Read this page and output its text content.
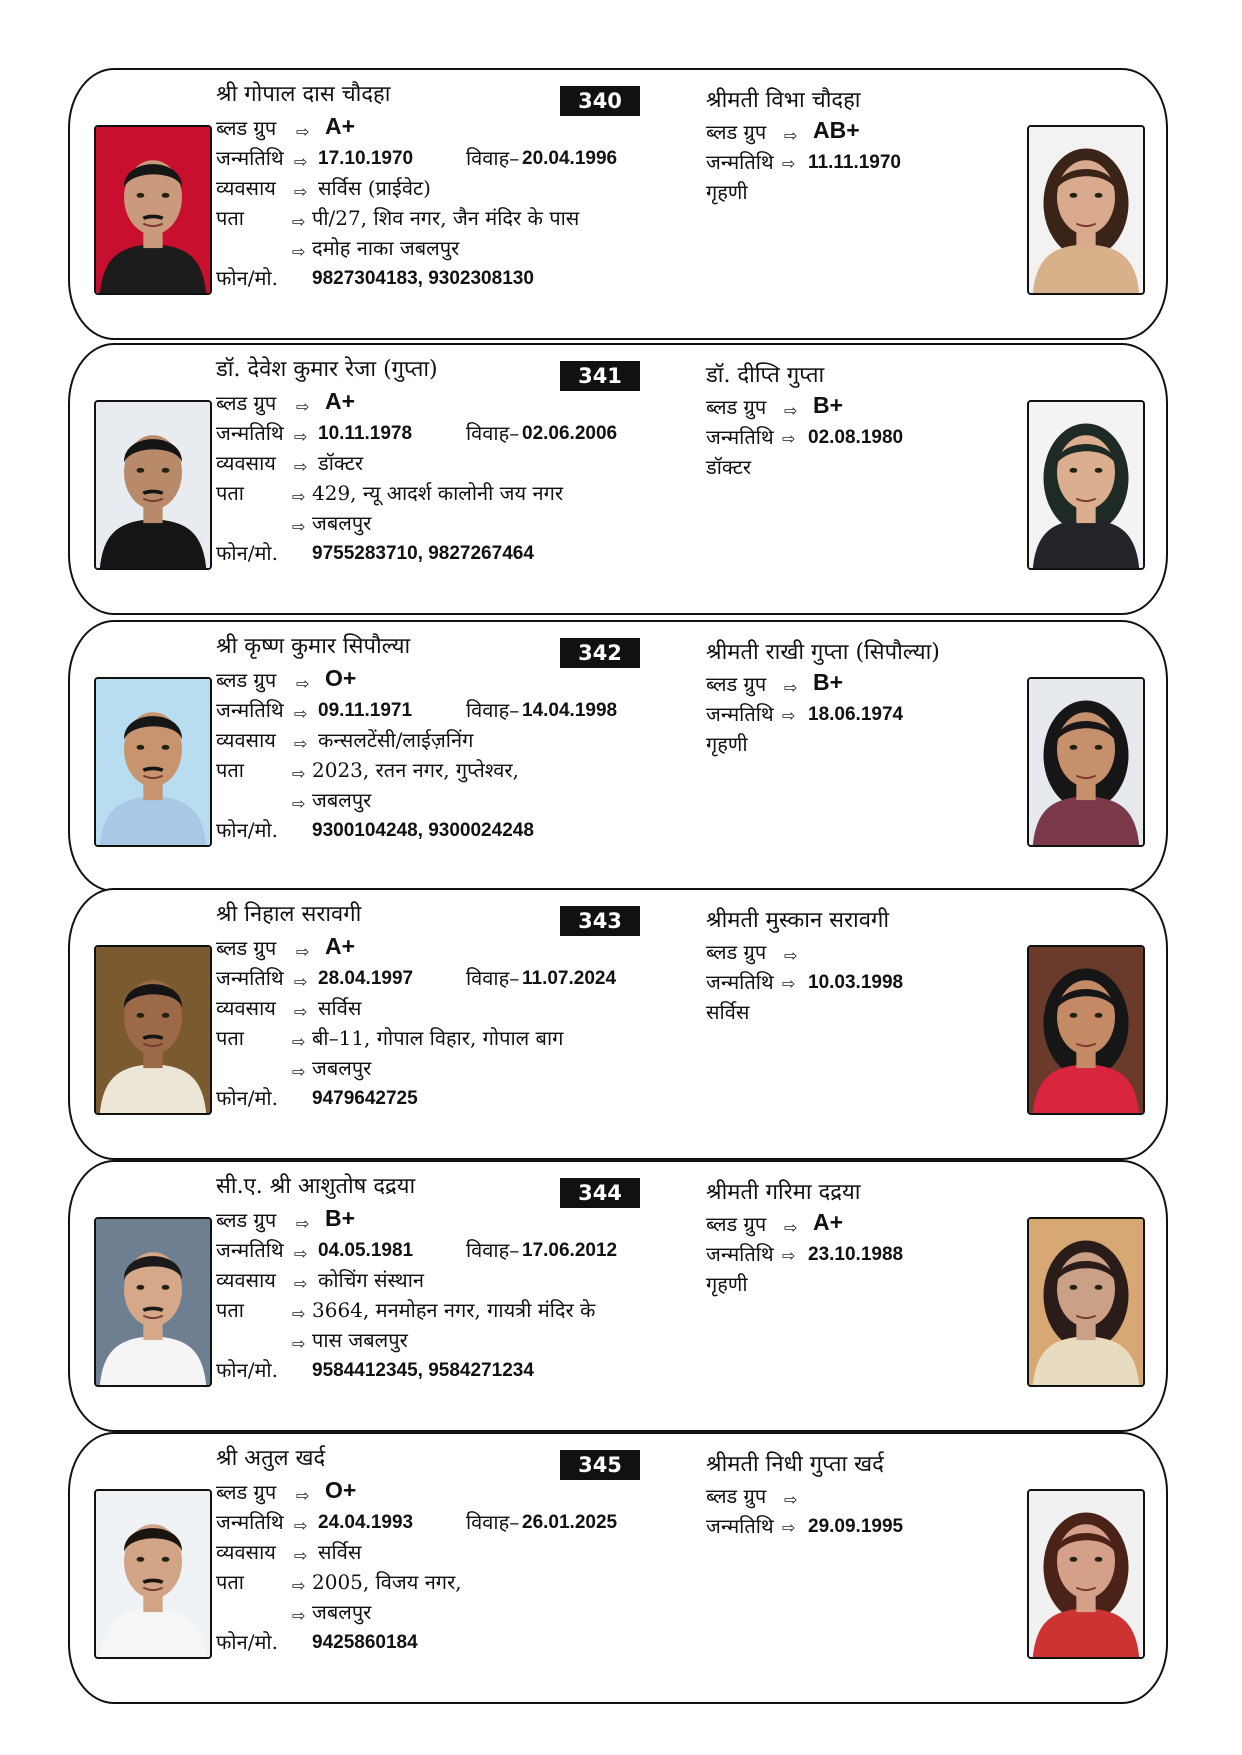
340
श्री गोपाल दास चौदहा
ब्लड ग्रुप ⇨ A+
जन्मतिथि ⇨ 17.10.1970	विवाह– 20.04.1996
व्यवसाय ⇨ सर्विस (प्राईवेट)
पता	⇨ पी/27, शिव नगर, जैन मंदिर के पास
⇨ दमोह नाका जबलपुर
फोन/मो. 9827304183, 9302308130
श्रीमती विभा चौदहा
ब्लड ग्रुप ⇨ AB+
जन्मतिथि ⇨ 11.11.1970
गृहणी
341
डॉ. देवेश कुमार रेजा (गुप्ता)
ब्लड ग्रुप ⇨ A+
जन्मतिथि ⇨ 10.11.1978	विवाह– 02.06.2006
व्यवसाय ⇨ डॉक्टर
पता	⇨ 429, न्यू आदर्श कालोनी जय नगर
⇨ जबलपुर
फोन/मो. 9755283710, 9827267464
डॉ. दीप्ति गुप्ता
ब्लड ग्रुप ⇨ B+
जन्मतिथि ⇨ 02.08.1980
डॉक्टर
342
श्री कृष्ण कुमार सिपौल्या
ब्लड ग्रुप ⇨ O+
जन्मतिथि ⇨ 09.11.1971	विवाह– 14.04.1998
व्यवसाय ⇨ कन्सलटेंसी/लाईज़निंग
पता	⇨ 2023, रतन नगर, गुप्तेश्वर,
⇨ जबलपुर
फोन/मो. 9300104248, 9300024248
श्रीमती राखी गुप्ता (सिपौल्या)
ब्लड ग्रुप ⇨ B+
जन्मतिथि ⇨ 18.06.1974
गृहणी
343
श्री निहाल सरावगी
ब्लड ग्रुप ⇨ A+
जन्मतिथि ⇨ 28.04.1997	विवाह– 11.07.2024
व्यवसाय ⇨ सर्विस
पता	⇨ बी–11, गोपाल विहार, गोपाल बाग
⇨ जबलपुर
फोन/मो. 9479642725
श्रीमती मुस्कान सरावगी
ब्लड ग्रुप ⇨
जन्मतिथि ⇨ 10.03.1998
सर्विस
344
सी.ए. श्री आशुतोष दद्रया
ब्लड ग्रुप ⇨ B+
जन्मतिथि ⇨ 04.05.1981	विवाह– 17.06.2012
व्यवसाय ⇨ कोचिंग संस्थान
पता	⇨ 3664, मनमोहन नगर, गायत्री मंदिर के
⇨ पास जबलपुर
फोन/मो. 9584412345, 9584271234
श्रीमती गरिमा दद्रया
ब्लड ग्रुप ⇨ A+
जन्मतिथि ⇨ 23.10.1988
गृहणी
345
श्री अतुल खर्द
ब्लड ग्रुप ⇨ O+
जन्मतिथि ⇨ 24.04.1993	विवाह– 26.01.2025
व्यवसाय ⇨ सर्विस
पता	⇨ 2005, विजय नगर,
⇨ जबलपुर
फोन/मो. 9425860184
श्रीमती निधी गुप्ता खर्द
ब्लड ग्रुप ⇨
जन्मतिथि ⇨ 29.09.1995
